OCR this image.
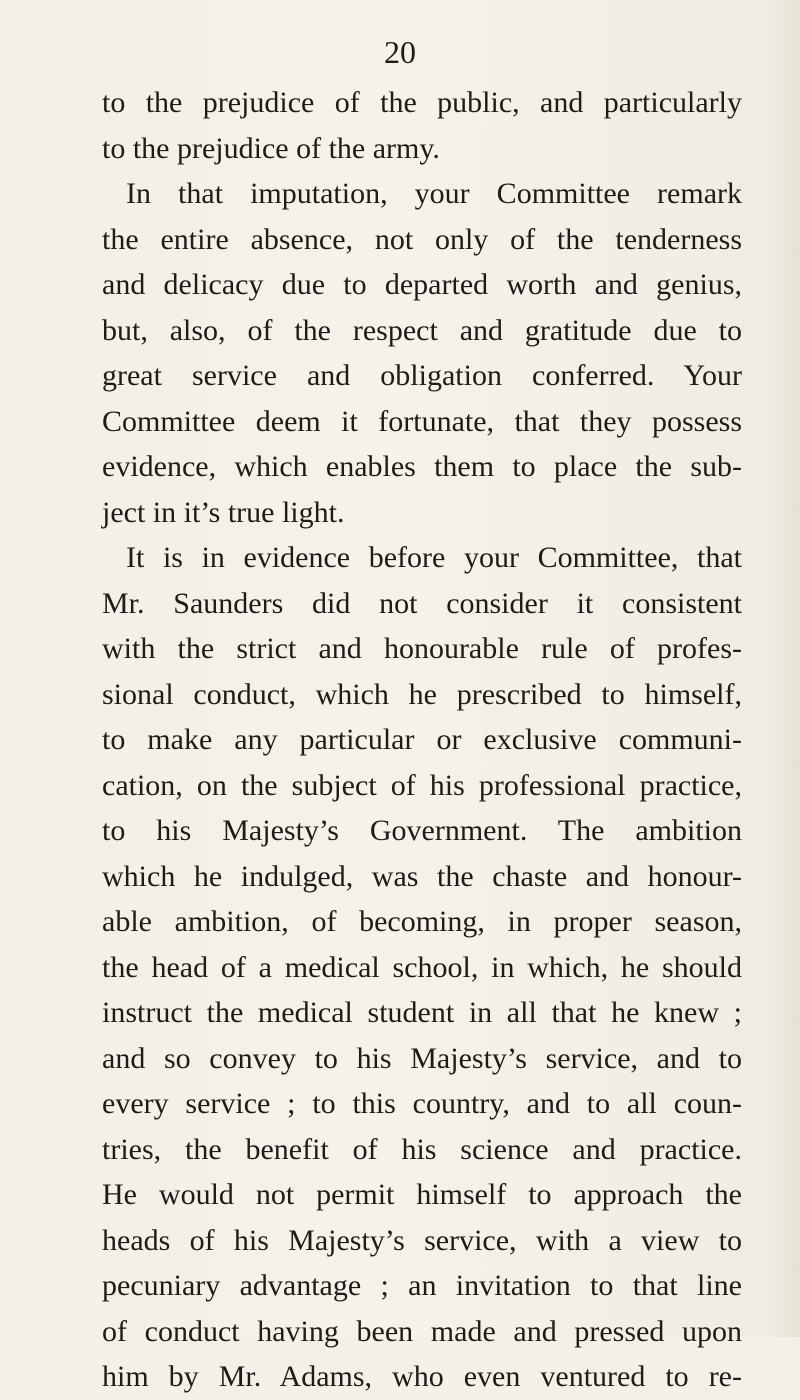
20
to the prejudice of the public, and particularly
to the prejudice of the army.
In that imputation, your Committee remark
the entire absence, not only of the tenderness
and delicacy due to departed worth and genius,
but, also, of the respect and gratitude due to
great service and obligation conferred. Your
Committee deem it fortunate, that they possess
evidence, which enables them to place the sub-
ject in it’s true light.
It is in evidence before your Committee, that
Mr. Saunders did not consider it consistent
with the strict and honourable rule of profes-
sional conduct, which he prescribed to himself,
to make any particular or exclusive communi-
cation, on the subject of his professional practice,
to his Majesty’s Government. The ambition
which he indulged, was the chaste and honour-
able ambition, of becoming, in proper season,
the head of a medical school, in which, he should
instruct the medical student in all that he knew ;
and so convey to his Majesty’s service, and to
every service ; to this country, and to all coun-
tries, the benefit of his science and practice.
He would not permit himself to approach the
heads of his Majesty’s service, with a view to
pecuniary advantage ; an invitation to that line
of conduct having been made and pressed upon
him by Mr. Adams, who even ventured to re-
